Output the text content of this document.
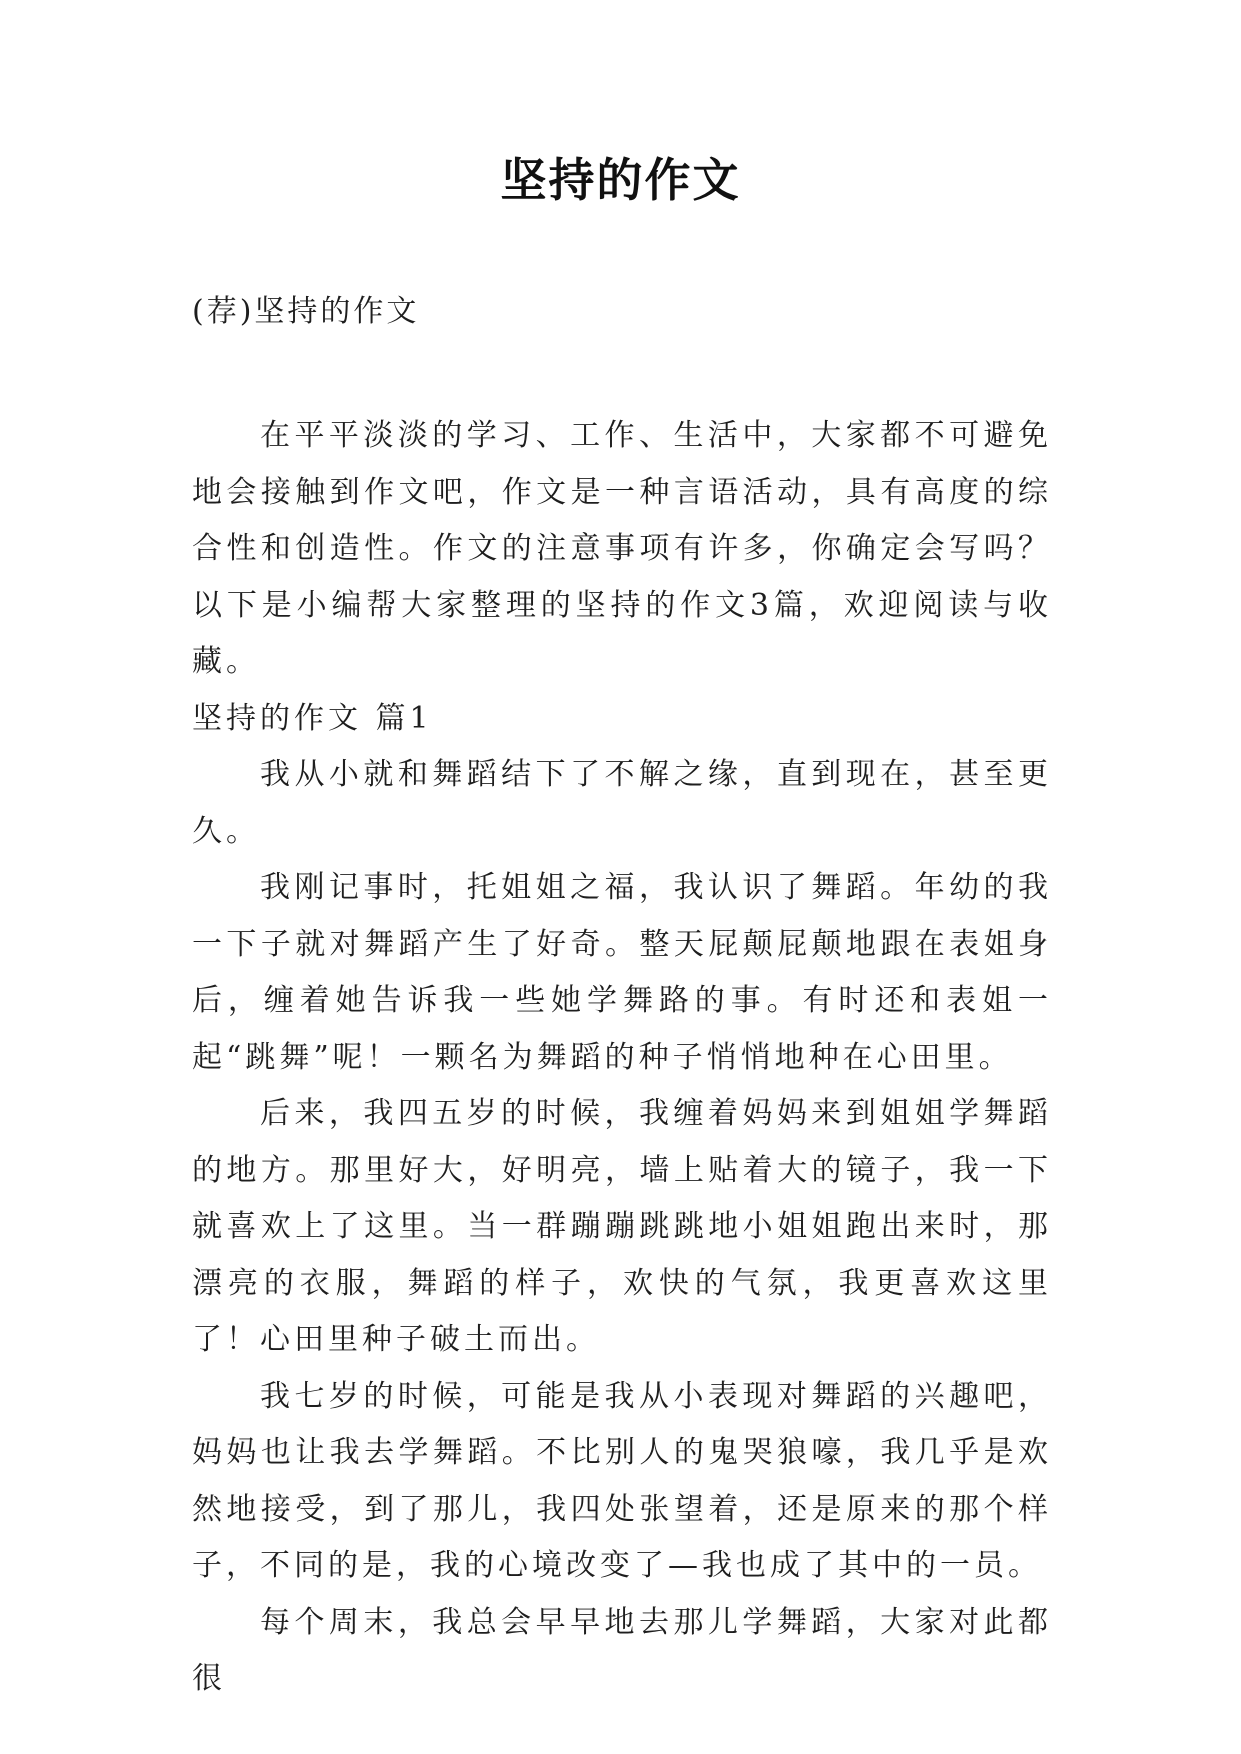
坚持的作文
(荐)坚持的作文

在平平淡淡的学习、工作、生活中，大家都不可避免地会接触到作文吧，作文是一种言语活动，具有高度的综合性和创造性。作文的注意事项有许多，你确定会写吗？以下是小编帮大家整理的坚持的作文3篇，欢迎阅读与收藏。

坚持的作文 篇1

我从小就和舞蹈结下了不解之缘，直到现在，甚至更久。

我刚记事时，托姐姐之福，我认识了舞蹈。年幼的我一下子就对舞蹈产生了好奇。整天屁颠屁颠地跟在表姐身后，缠着她告诉我一些她学舞路的事。有时还和表姐一起“跳舞”呢！一颗名为舞蹈的种子悄悄地种在心田里。

后来，我四五岁的时候，我缠着妈妈来到姐姐学舞蹈的地方。那里好大，好明亮，墙上贴着大的镜子，我一下就喜欢上了这里。当一群蹦蹦跳跳地小姐姐跑出来时，那漂亮的衣服，舞蹈的样子，欢快的气氛，我更喜欢这里了！心田里种子破土而出。

我七岁的时候，可能是我从小表现对舞蹈的兴趣吧，妈妈也让我去学舞蹈。不比别人的鬼哭狼嚎，我几乎是欢然地接受，到了那儿，我四处张望着，还是原来的那个样子，不同的是，我的心境改变了—我也成了其中的一员。

每个周末，我总会早早地去那儿学舞蹈，大家对此都很
